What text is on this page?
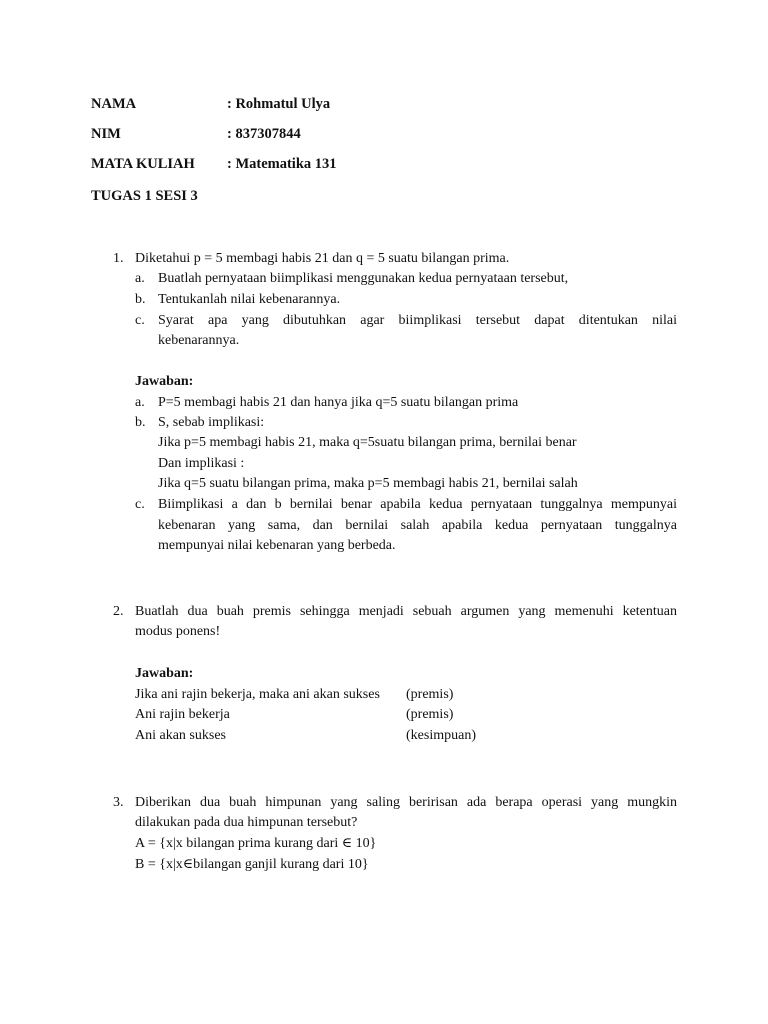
NAMA	: Rohmatul Ulya
NIM	: 837307844
MATA KULIAH : Matematika 131
TUGAS 1 SESI 3
1. Diketahui p = 5 membagi habis 21 dan q = 5 suatu bilangan prima.
a. Buatlah pernyataan biimplikasi menggunakan kedua pernyataan tersebut,
b. Tentukanlah nilai kebenarannya.
c. Syarat apa yang dibutuhkan agar biimplikasi tersebut dapat ditentukan nilai
kebenarannya.
Jawaban:
a. P=5 membagi habis 21 dan hanya jika q=5 suatu bilangan prima
b. S, sebab implikasi:
Jika p=5 membagi habis 21, maka q=5suatu bilangan prima, bernilai benar
Dan implikasi :
Jika q=5 suatu bilangan prima, maka p=5 membagi habis 21, bernilai salah
c. Biimplikasi a dan b bernilai benar apabila kedua pernyataan tunggalnya mempunyai
kebenaran yang sama, dan bernilai salah apabila kedua pernyataan tunggalnya
mempunyai nilai kebenaran yang berbeda.
2. Buatlah dua buah premis sehingga menjadi sebuah argumen yang memenuhi ketentuan
modus ponens!
Jawaban:
Jika ani rajin bekerja, maka ani akan sukses (premis)
Ani rajin bekerja	(premis)
Ani akan sukses	(kesimpuan)
3. Diberikan dua buah himpunan yang saling beririsan ada berapa operasi yang mungkin
dilakukan pada dua himpunan tersebut?
A = {x|x bilangan prima kurang dari ∈ 10}
B = {x|x∈bilangan ganjil kurang dari 10}
